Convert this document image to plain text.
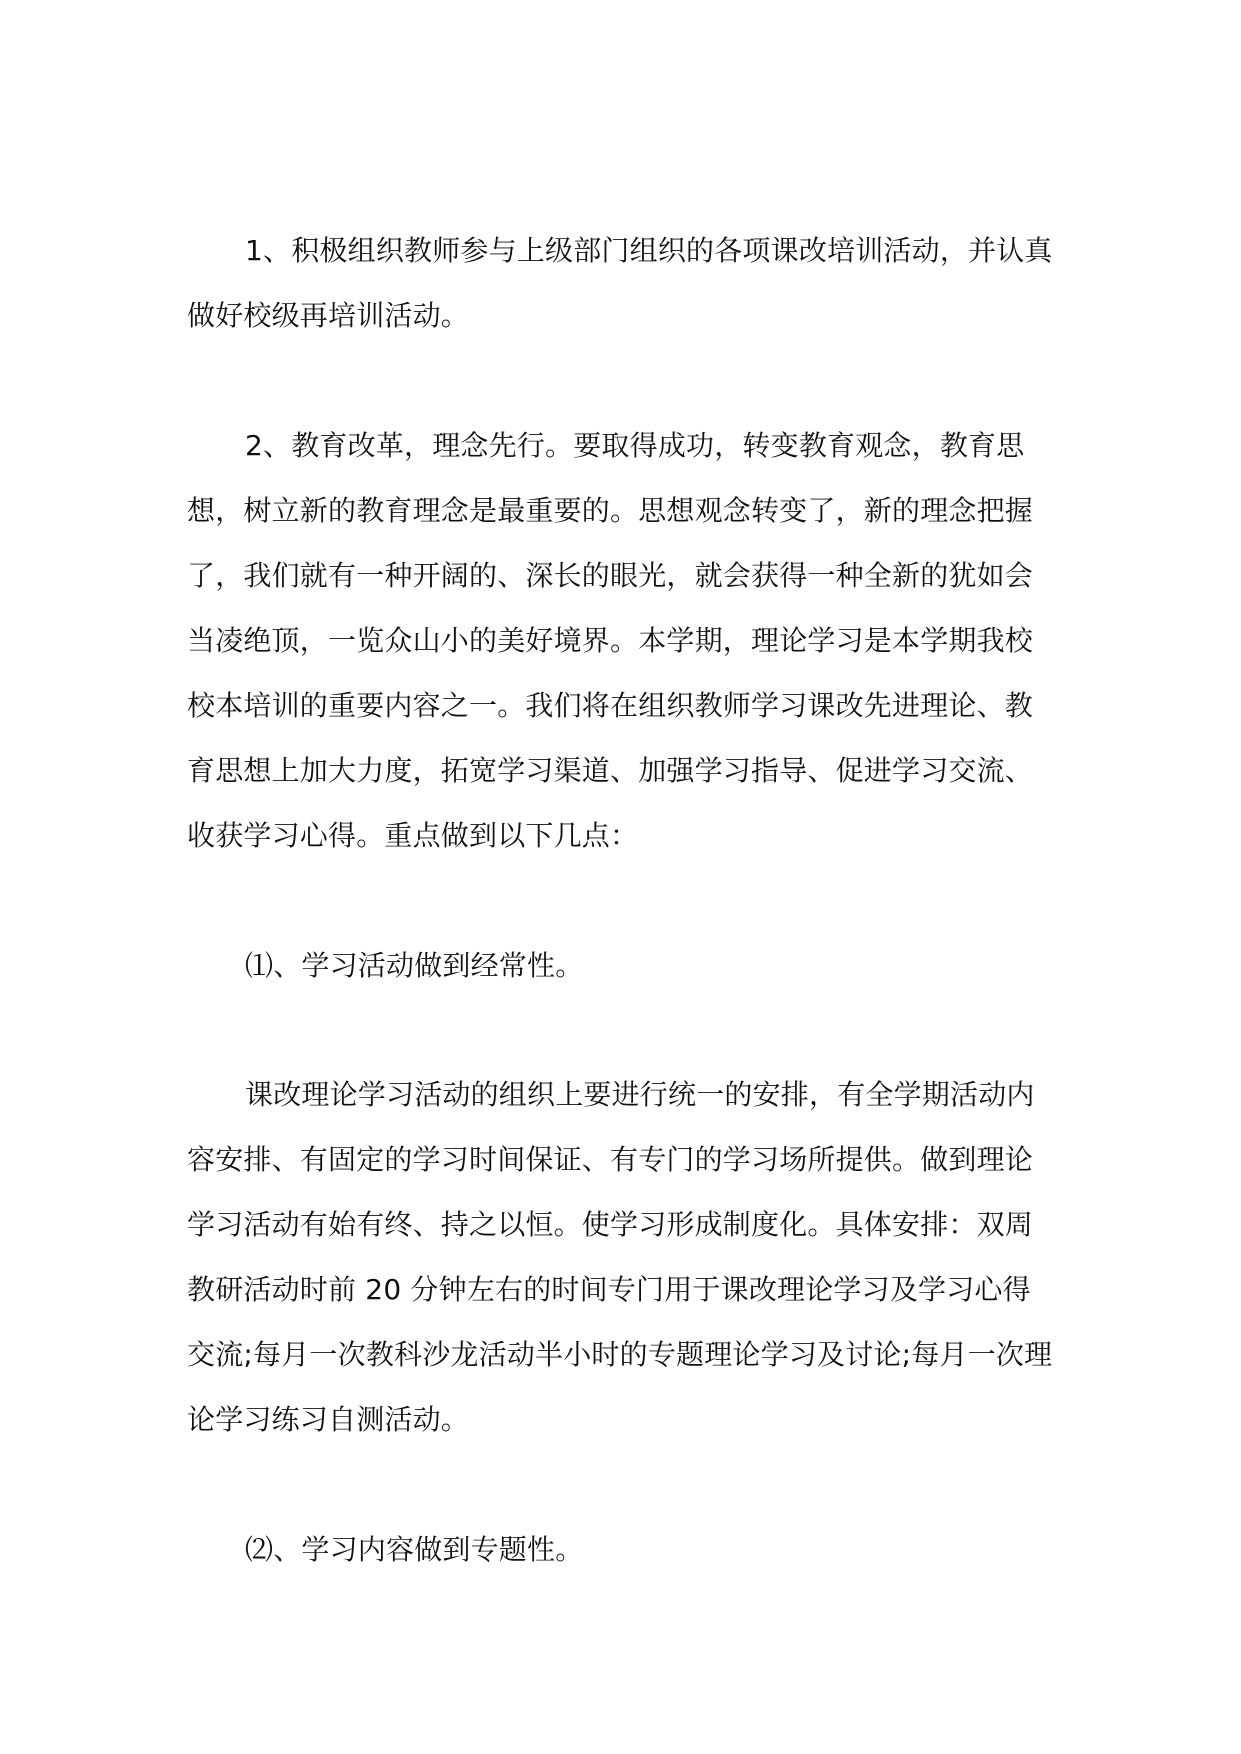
1、积极组织教师参与上级部门组织的各项课改培训活动，并认真做好校级再培训活动。

2、教育改革，理念先行。要取得成功，转变教育观念，教育思想，树立新的教育理念是最重要的。思想观念转变了，新的理念把握了，我们就有一种开阔的、深长的眼光，就会获得一种全新的犹如会当凌绝顶，一览众山小的美好境界。本学期，理论学习是本学期我校校本培训的重要内容之一。我们将在组织教师学习课改先进理论、教育思想上加大力度，拓宽学习渠道、加强学习指导、促进学习交流、收获学习心得。重点做到以下几点：

⑴、学习活动做到经常性。

课改理论学习活动的组织上要进行统一的安排，有全学期活动内容安排、有固定的学习时间保证、有专门的学习场所提供。做到理论学习活动有始有终、持之以恒。使学习形成制度化。具体安排：双周教研活动时前 20 分钟左右的时间专门用于课改理论学习及学习心得交流;每月一次教科沙龙活动半小时的专题理论学习及讨论;每月一次理论学习练习自测活动。

⑵、学习内容做到专题性。
